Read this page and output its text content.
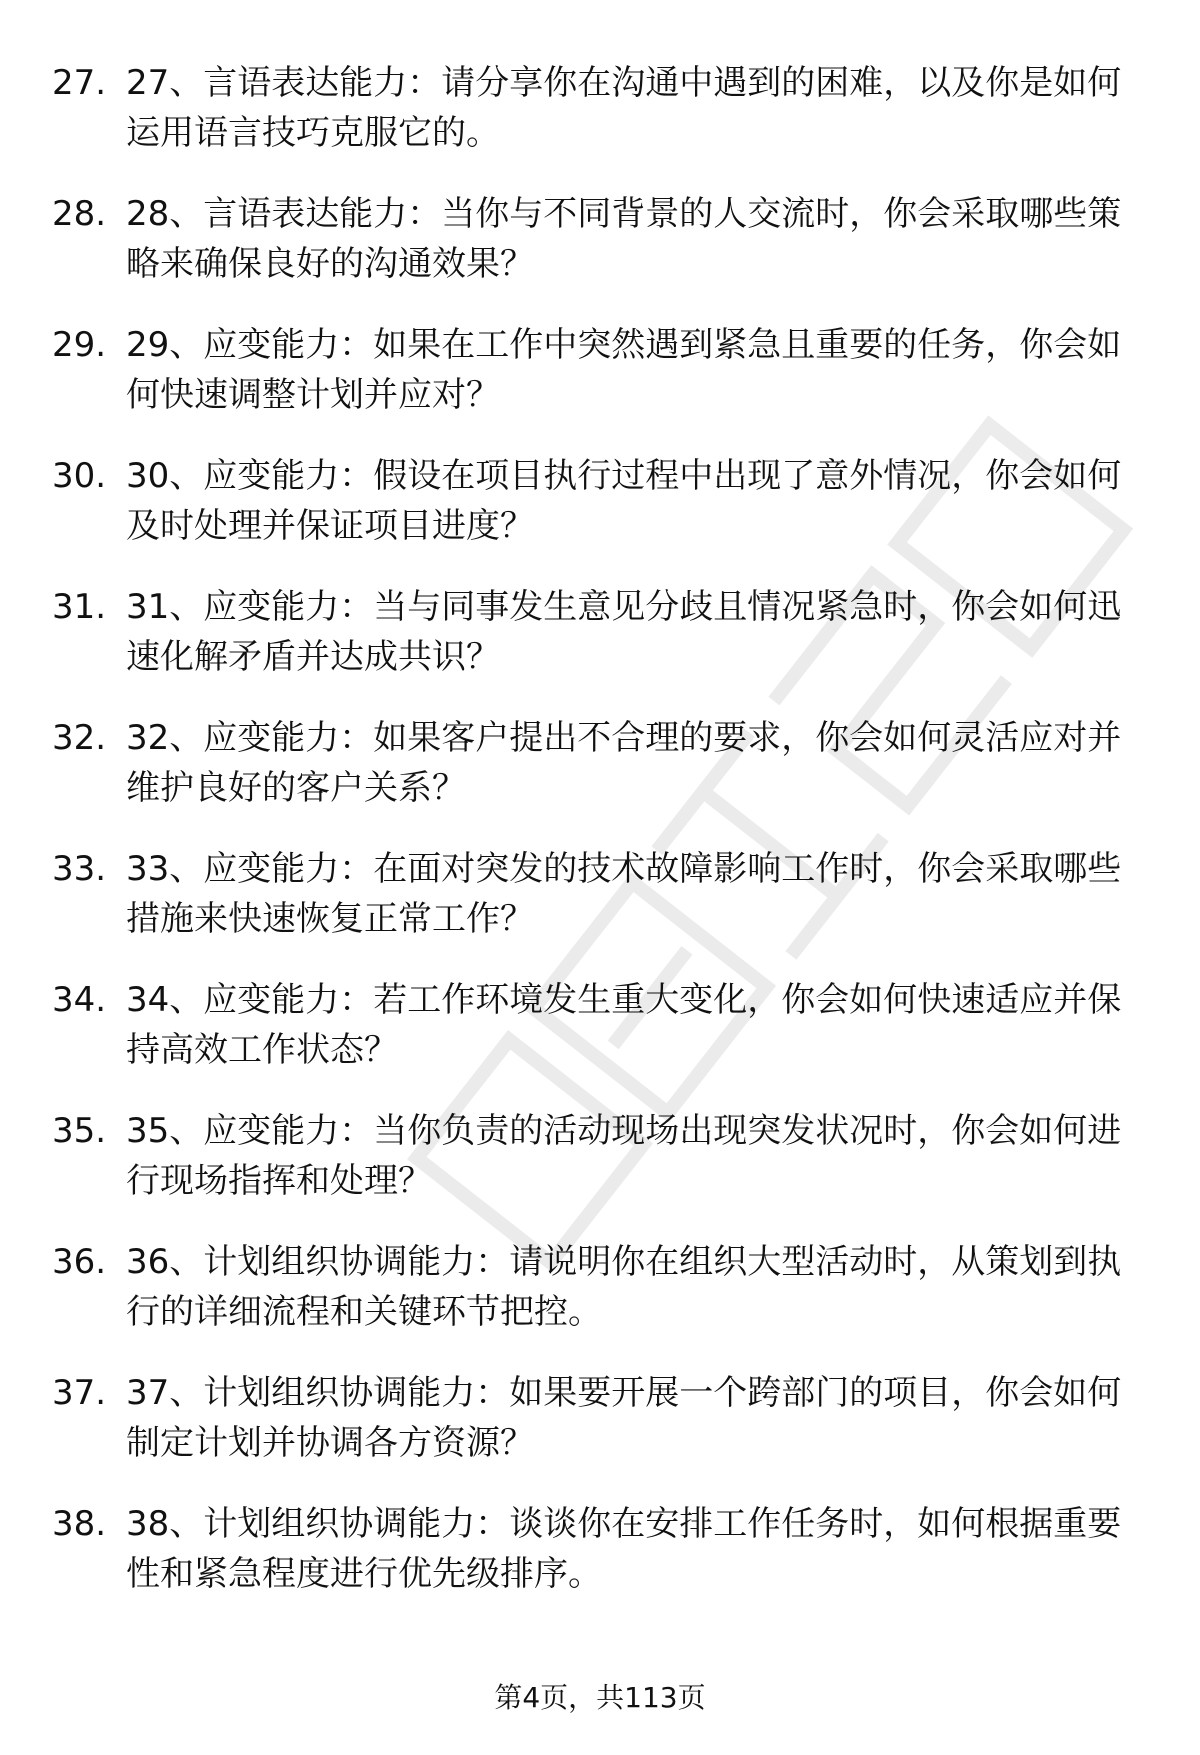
27. 27、言语表达能力：请分享你在沟通中遇到的困难，以及你是如何运用语言技巧克服它的。
28. 28、言语表达能力：当你与不同背景的人交流时，你会采取哪些策略来确保良好的沟通效果？
29. 29、应变能力：如果在工作中突然遇到紧急且重要的任务，你会如何快速调整计划并应对？
30. 30、应变能力：假设在项目执行过程中出现了意外情况，你会如何及时处理并保证项目进度？
31. 31、应变能力：当与同事发生意见分歧且情况紧急时，你会如何迅速化解矛盾并达成共识？
32. 32、应变能力：如果客户提出不合理的要求，你会如何灵活应对并维护良好的客户关系？
33. 33、应变能力：在面对突发的技术故障影响工作时，你会采取哪些措施来快速恢复正常工作？
34. 34、应变能力：若工作环境发生重大变化，你会如何快速适应并保持高效工作状态？
35. 35、应变能力：当你负责的活动现场出现突发状况时，你会如何进行现场指挥和处理？
36. 36、计划组织协调能力：请说明你在组织大型活动时，从策划到执行的详细流程和关键环节把控。
37. 37、计划组织协调能力：如果要开展一个跨部门的项目，你会如何制定计划并协调各方资源？
38. 38、计划组织协调能力：谈谈你在安排工作任务时，如何根据重要性和紧急程度进行优先级排序。
第4页，共113页
